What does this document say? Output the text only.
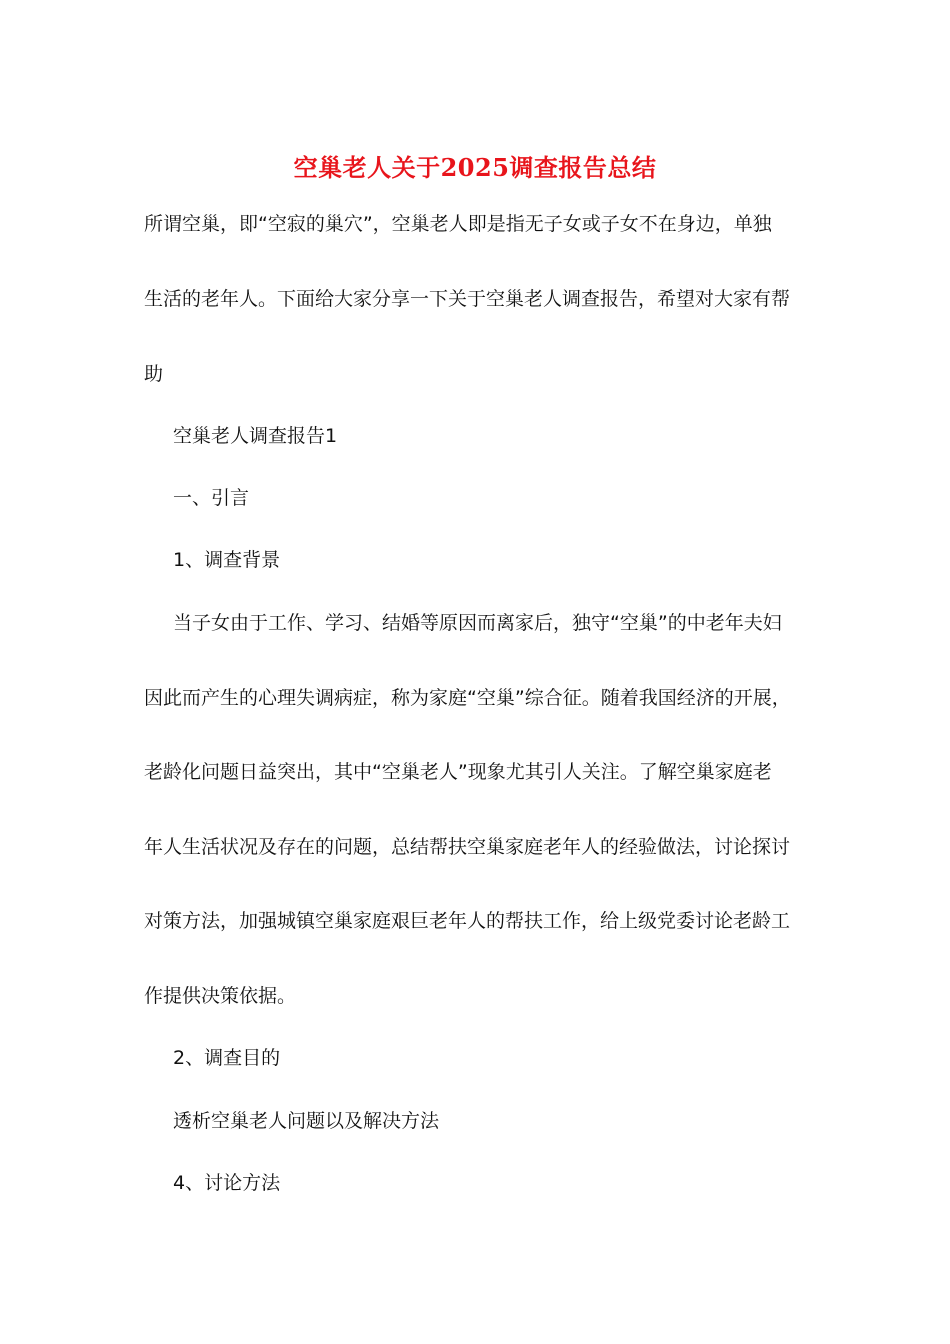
空巢老人关于2025调查报告总结
所谓空巢，即“空寂的巢穴”，空巢老人即是指无子女或子女不在身边，单独
生活的老年人。下面给大家分享一下关于空巢老人调查报告，希望对大家有帮
助
空巢老人调查报告1
一、引言
1、调查背景
当子女由于工作、学习、结婚等原因而离家后，独守“空巢”的中老年夫妇
因此而产生的心理失调病症，称为家庭“空巢”综合征。随着我国经济的开展，
老龄化问题日益突出，其中“空巢老人”现象尤其引人关注。了解空巢家庭老
年人生活状况及存在的问题，总结帮扶空巢家庭老年人的经验做法，讨论探讨
对策方法，加强城镇空巢家庭艰巨老年人的帮扶工作，给上级党委讨论老龄工
作提供决策依据。
2、调查目的
透析空巢老人问题以及解决方法
4、讨论方法
